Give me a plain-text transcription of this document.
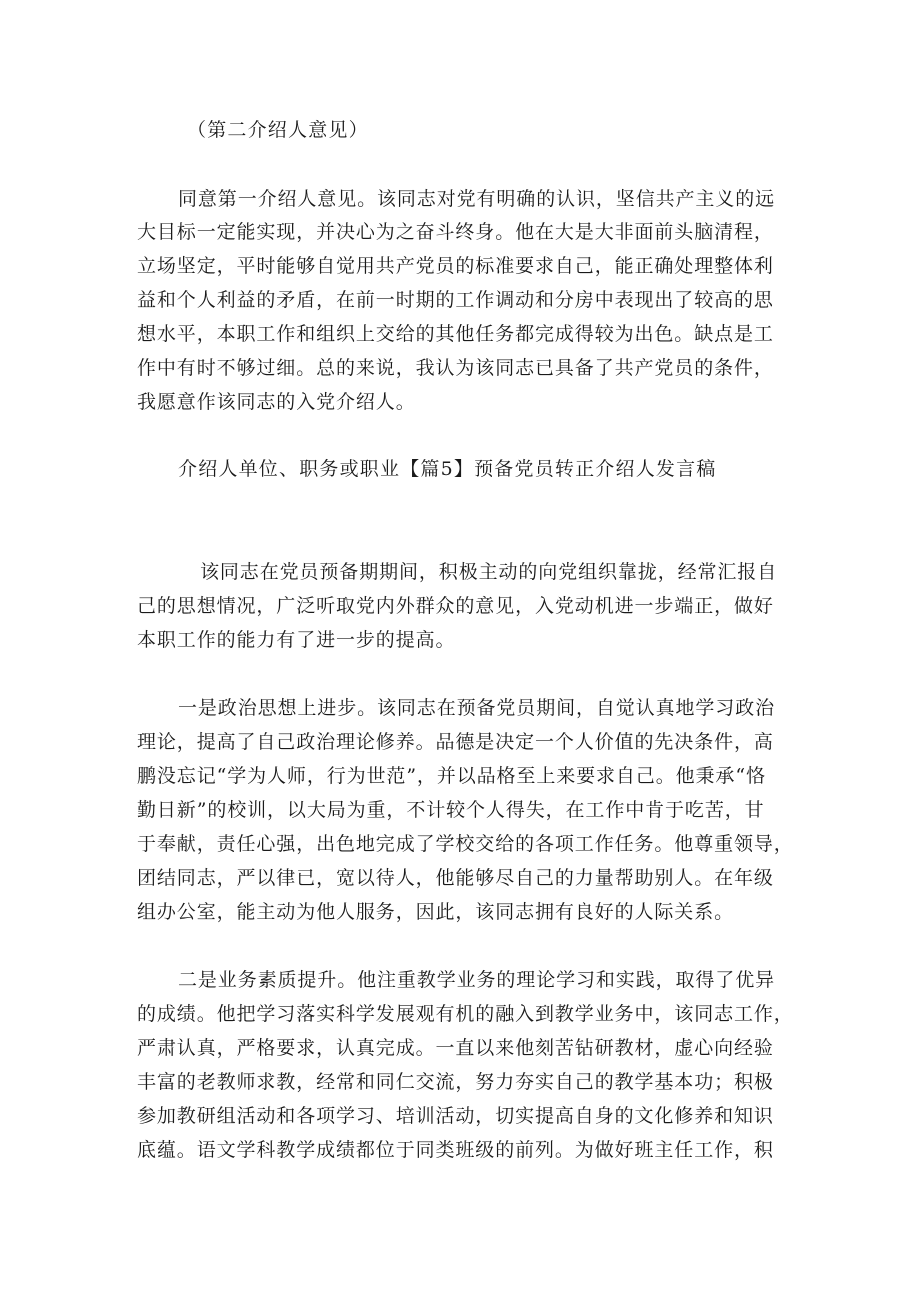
（第二介绍人意见）
同意第一介绍人意见。该同志对党有明确的认识，坚信共产主义的远
大目标一定能实现，并决心为之奋斗终身。他在大是大非面前头脑清程，
立场坚定，平时能够自觉用共产党员的标准要求自己，能正确处理整体利
益和个人利益的矛盾，在前一时期的工作调动和分房中表现出了较高的思
想水平，本职工作和组织上交给的其他任务都完成得较为出色。缺点是工
作中有时不够过细。总的来说，我认为该同志已具备了共产党员的条件，
我愿意作该同志的入党介绍人。
介绍人单位、职务或职业【篇5】预备党员转正介绍人发言稿
该同志在党员预备期期间，积极主动的向党组织靠拢，经常汇报自
己的思想情况，广泛听取党内外群众的意见，入党动机进一步端正，做好
本职工作的能力有了进一步的提高。
一是政治思想上进步。该同志在预备党员期间，自觉认真地学习政治
理论，提高了自己政治理论修养。品德是决定一个人价值的先决条件，高
鹏没忘记“学为人师，行为世范”，并以品格至上来要求自己。他秉承“恪
勤日新”的校训，以大局为重，不计较个人得失，在工作中肯于吃苦，甘
于奉献，责任心强，出色地完成了学校交给的各项工作任务。他尊重领导，
团结同志，严以律已，宽以待人，他能够尽自己的力量帮助别人。在年级
组办公室，能主动为他人服务，因此，该同志拥有良好的人际关系。
二是业务素质提升。他注重教学业务的理论学习和实践，取得了优异
的成绩。他把学习落实科学发展观有机的融入到教学业务中，该同志工作，
严肃认真，严格要求，认真完成。一直以来他刻苦钻研教材，虚心向经验
丰富的老教师求教，经常和同仁交流，努力夯实自己的教学基本功；积极
参加教研组活动和各项学习、培训活动，切实提高自身的文化修养和知识
底蕴。语文学科教学成绩都位于同类班级的前列。为做好班主任工作，积
